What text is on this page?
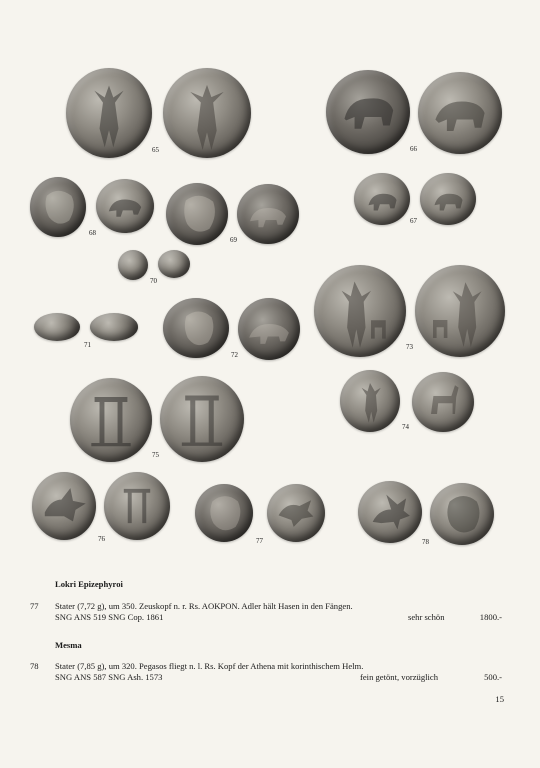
65	66
67
68
69
70
71
72
73
74
75
76	77	78
Lokri Epizephyroi
77 Stater (7,72 g), um 350. Zeuskopf n. r. Rs. AOKPON. Adler hält Hasen in den Fängen.
SNG ANS 519 SNG Cop. 1861	sehr schön	1800.-
Mesma
78 Stater (7,85 g), um 320. Pegasos fliegt n. l. Rs. Kopf der Athena mit korinthischem Helm.
SNG ANS 587 SNG Ash. 1573	fein getönt, vorzüglich	500.-
15
